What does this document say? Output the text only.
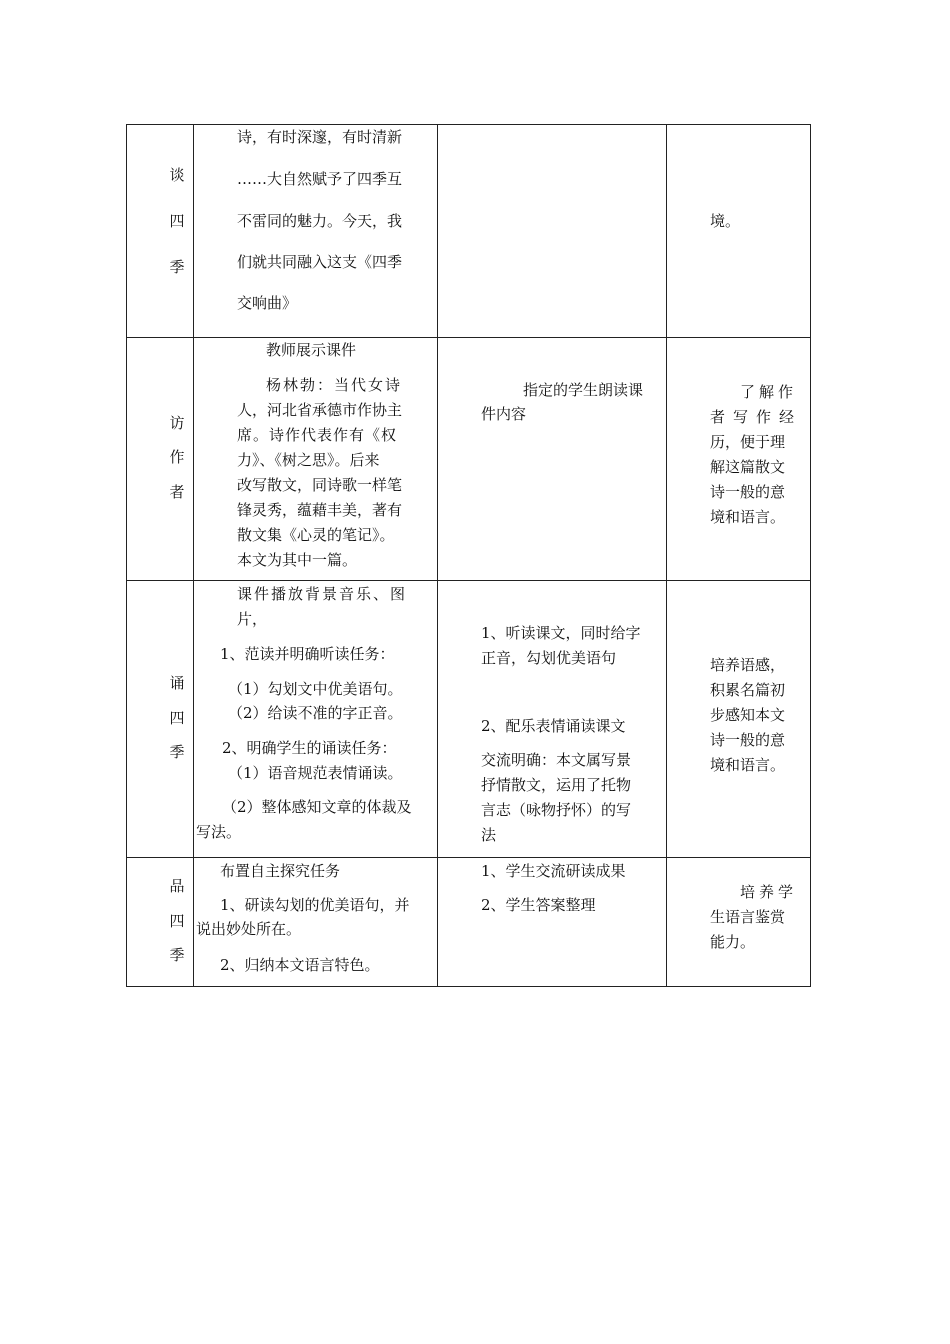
谈
四
季
诗，有时深邃，有时清新
……大自然赋予了四季互
不雷同的魅力。今天，我
们就共同融入这支《四季
交响曲》
境。
访
作
者
教师展示课件
杨林勃：当代女诗
人，河北省承德市作协主
席。诗作代表作有《权
力》、《树之思》。后来
改写散文，同诗歌一样笔
锋灵秀，蕴藉丰美，著有
散文集《心灵的笔记》。
本文为其中一篇。
指定的学生朗读课
件内容
了解作
者写作经
历，便于理
解这篇散文
诗一般的意
境和语言。
诵
四
季
课件播放背景音乐、图
片，
1、范读并明确听读任务：
（1）勾划文中优美语句。
（2）给读不准的字正音。
2、明确学生的诵读任务：
（1）语音规范表情诵读。
（2）整体感知文章的体裁及
写法。
1、听读课文，同时给字
正音，勾划优美语句
2、配乐表情诵读课文
交流明确：本文属写景
抒情散文，运用了托物
言志（咏物抒怀）的写
法
培养语感，
积累名篇初
步感知本文
诗一般的意
境和语言。
品
四
季
布置自主探究任务
1、研读勾划的优美语句，并
说出妙处所在。
2、归纳本文语言特色。
1、学生交流研读成果
2、学生答案整理
培养学
生语言鉴赏
能力。
